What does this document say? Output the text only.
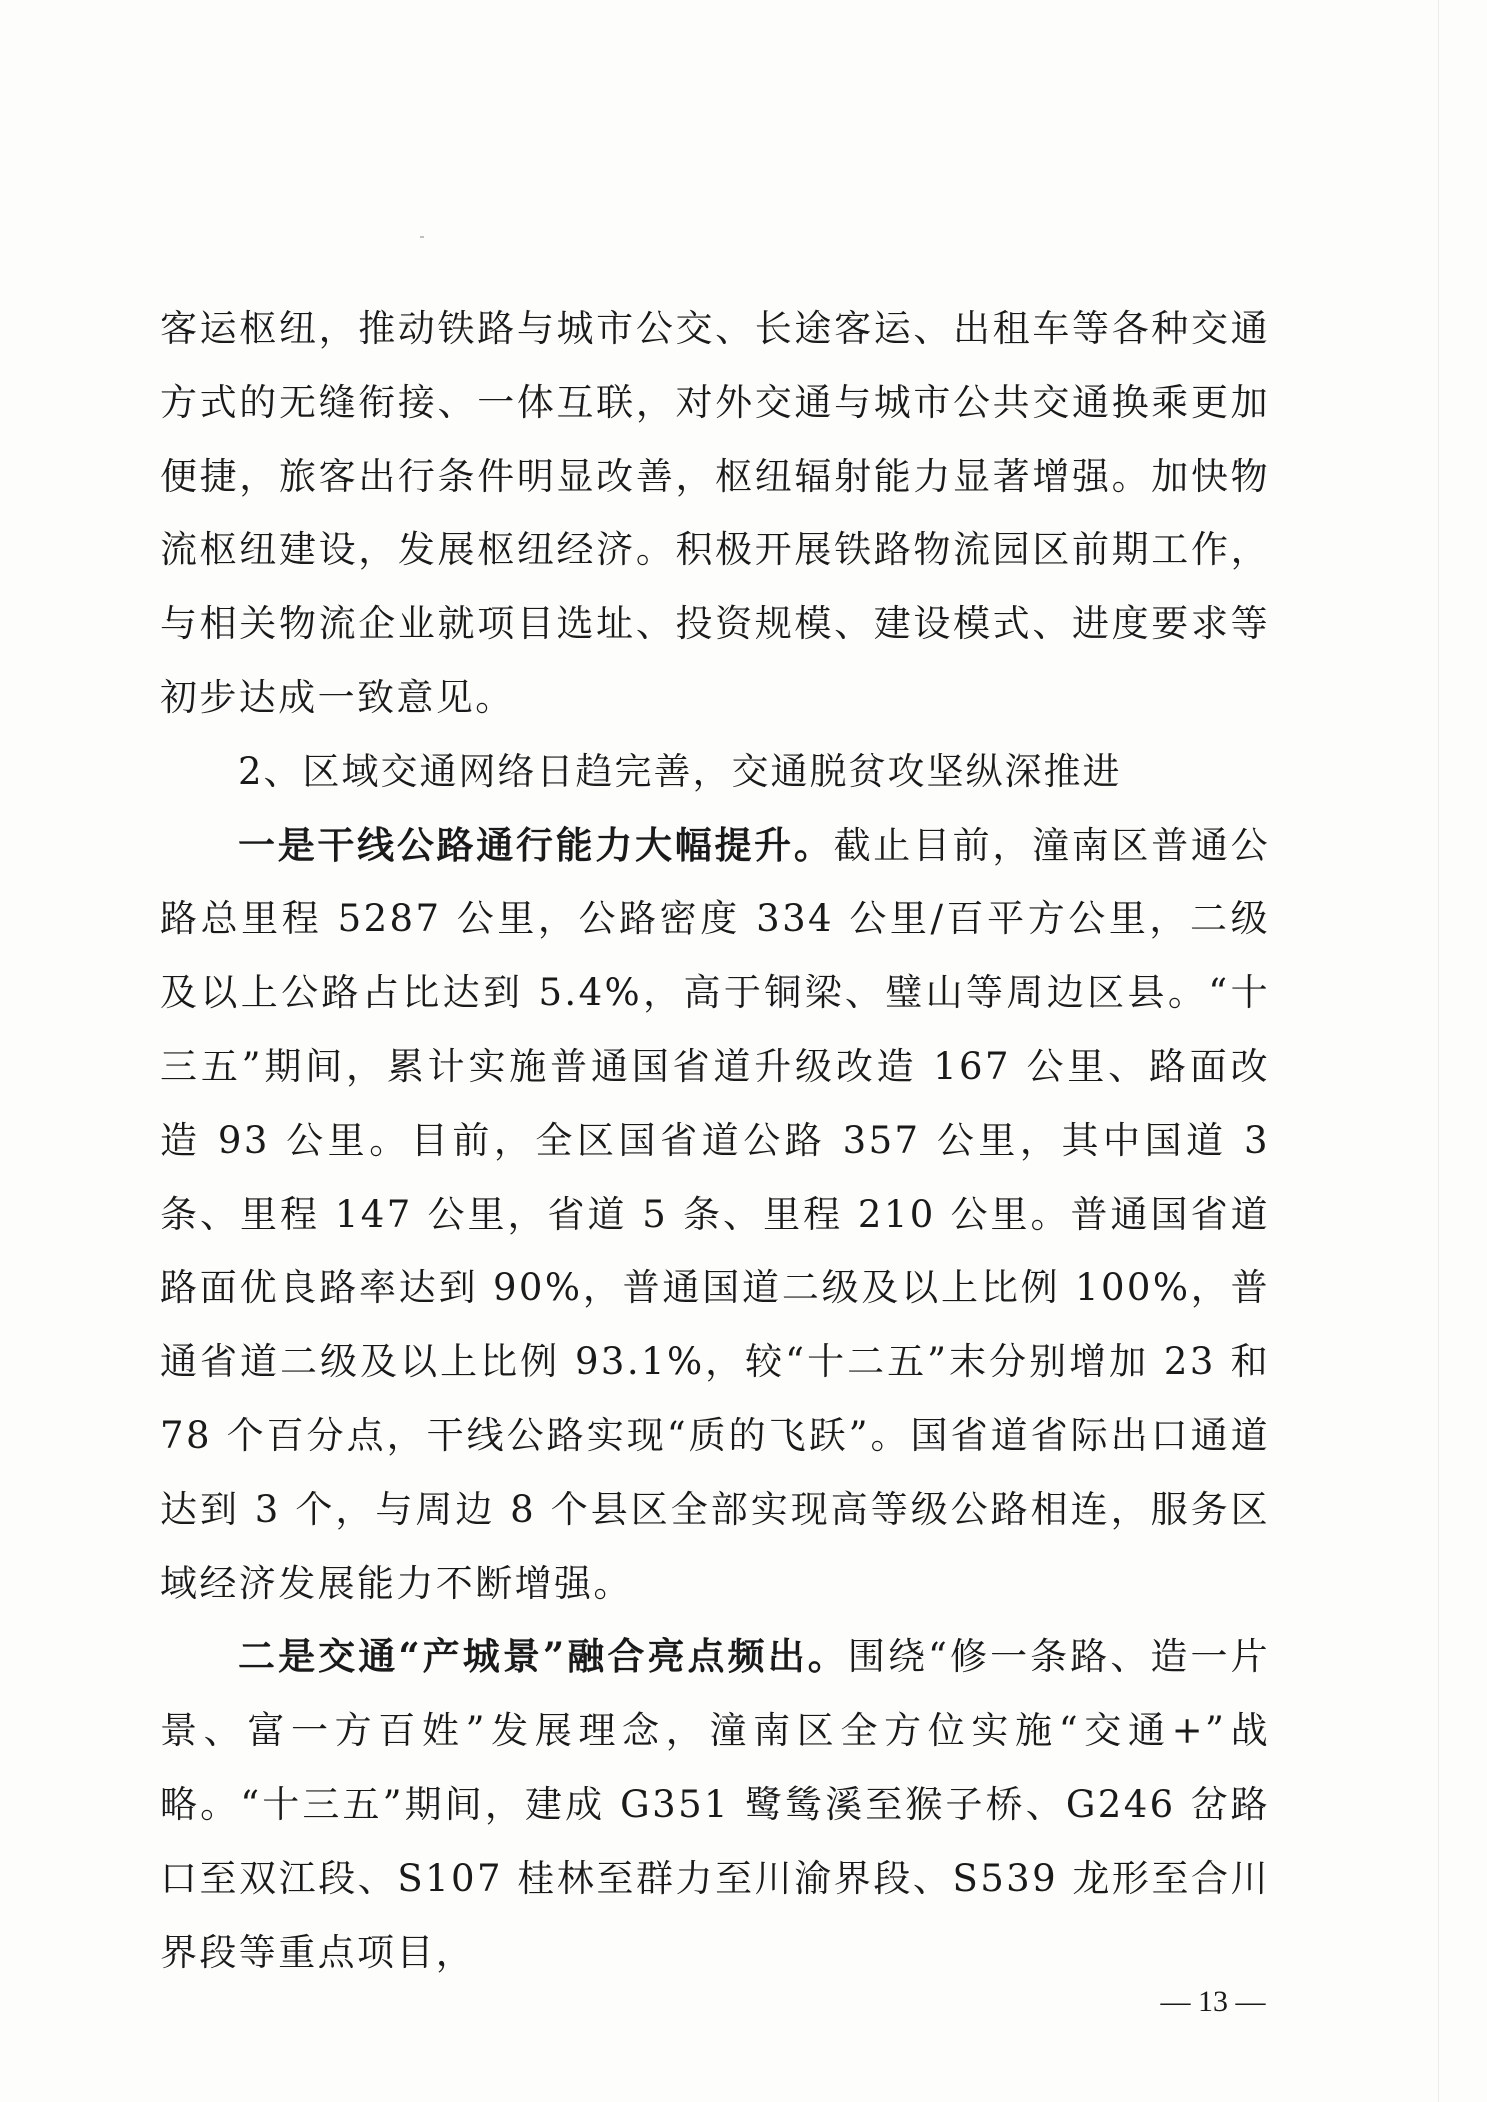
客运枢纽，推动铁路与城市公交、长途客运、出租车等各种交通方式的无缝衔接、一体互联，对外交通与城市公共交通换乘更加便捷，旅客出行条件明显改善，枢纽辐射能力显著增强。加快物流枢纽建设，发展枢纽经济。积极开展铁路物流园区前期工作，与相关物流企业就项目选址、投资规模、建设模式、进度要求等初步达成一致意见。

2、区域交通网络日趋完善，交通脱贫攻坚纵深推进

一是干线公路通行能力大幅提升。截止目前，潼南区普通公路总里程 5287 公里，公路密度 334 公里/百平方公里，二级及以上公路占比达到 5.4%，高于铜梁、璧山等周边区县。“十三五”期间，累计实施普通国省道升级改造 167 公里、路面改造 93 公里。目前，全区国省道公路 357 公里，其中国道 3 条、里程 147 公里，省道 5 条、里程 210 公里。普通国省道路面优良路率达到 90%，普通国道二级及以上比例 100%，普通省道二级及以上比例 93.1%，较“十二五”末分别增加 23 和 78 个百分点，干线公路实现“质的飞跃”。国省道省际出口通道达到 3 个，与周边 8 个县区全部实现高等级公路相连，服务区域经济发展能力不断增强。

二是交通“产城景”融合亮点频出。围绕“修一条路、造一片景、富一方百姓”发展理念，潼南区全方位实施“交通+”战略。“十三五”期间，建成 G351 鹭鸶溪至猴子桥、G246 岔路口至双江段、S107 桂林至群力至川渝界段、S539 龙形至合川界段等重点项目，

— 13 —
